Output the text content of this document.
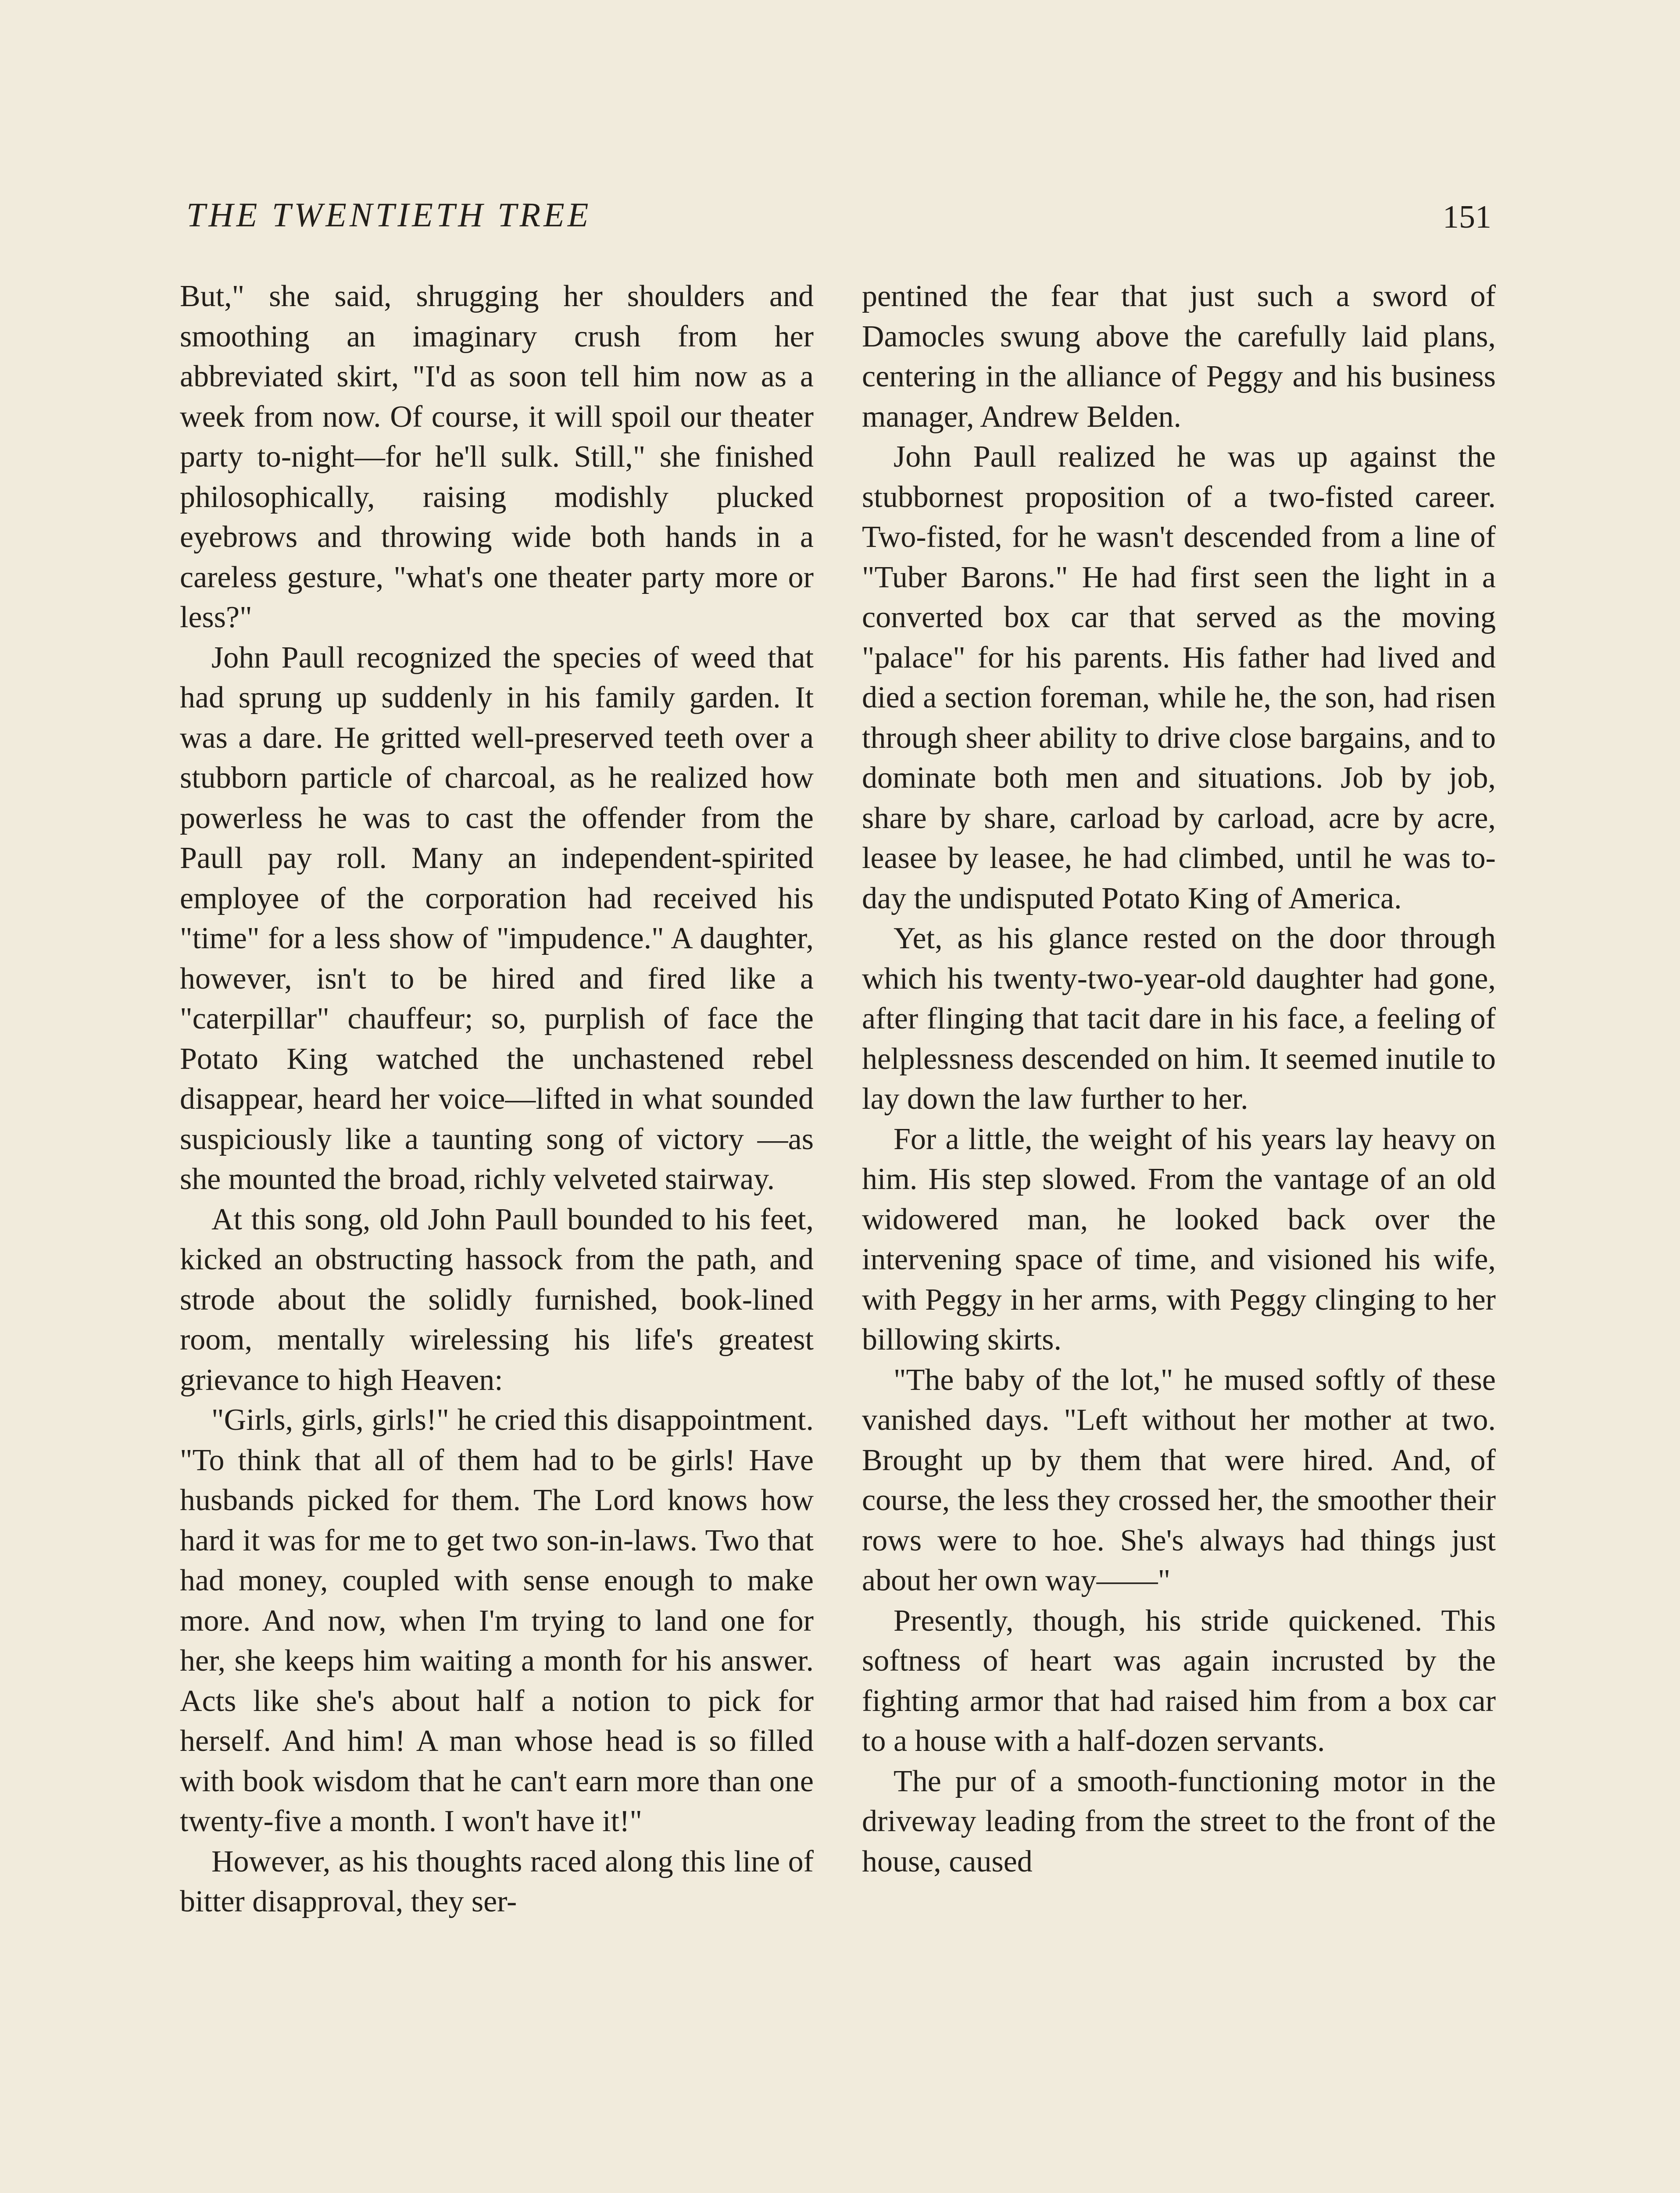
THE TWENTIETH TREE	151

But," she said, shrugging her shoulders and smoothing an imaginary crush from her abbreviated skirt, "I'd as soon tell him now as a week from now. Of course, it will spoil our theater party to-night—for he'll sulk. Still," she finished philosophically, raising modishly plucked eyebrows and throwing wide both hands in a careless gesture, "what's one theater party more or less?"

John Paull recognized the species of weed that had sprung up suddenly in his family garden. It was a dare. He gritted well-preserved teeth over a stubborn particle of charcoal, as he realized how powerless he was to cast the offender from the Paull pay roll. Many an independent-spirited employee of the corporation had received his "time" for a less show of "impudence." A daughter, however, isn't to be hired and fired like a "caterpillar" chauffeur; so, purplish of face the Potato King watched the unchastened rebel disappear, heard her voice—lifted in what sounded suspiciously like a taunting song of victory —as she mounted the broad, richly velveted stairway.

At this song, old John Paull bounded to his feet, kicked an obstructing hassock from the path, and strode about the solidly furnished, book-lined room, mentally wirelessing his life's greatest grievance to high Heaven:

"Girls, girls, girls!" he cried this disappointment. "To think that all of them had to be girls! Have husbands picked for them. The Lord knows how hard it was for me to get two son-in-laws. Two that had money, coupled with sense enough to make more. And now, when I'm trying to land one for her, she keeps him waiting a month for his answer. Acts like she's about half a notion to pick for herself. And him! A man whose head is so filled with book wisdom that he can't earn more than one twenty-five a month. I won't have it!"

However, as his thoughts raced along this line of bitter disapproval, they ser-

pentined the fear that just such a sword of Damocles swung above the carefully laid plans, centering in the alliance of Peggy and his business manager, Andrew Belden.

John Paull realized he was up against the stubbornest proposition of a two-fisted career. Two-fisted, for he wasn't descended from a line of "Tuber Barons." He had first seen the light in a converted box car that served as the moving "palace" for his parents. His father had lived and died a section foreman, while he, the son, had risen through sheer ability to drive close bargains, and to dominate both men and situations. Job by job, share by share, carload by carload, acre by acre, leasee by leasee, he had climbed, until he was to-day the undisputed Potato King of America.

Yet, as his glance rested on the door through which his twenty-two-year-old daughter had gone, after flinging that tacit dare in his face, a feeling of helplessness descended on him. It seemed inutile to lay down the law further to her.

For a little, the weight of his years lay heavy on him. His step slowed. From the vantage of an old widowered man, he looked back over the intervening space of time, and visioned his wife, with Peggy in her arms, with Peggy clinging to her billowing skirts.

"The baby of the lot," he mused softly of these vanished days. "Left without her mother at two. Brought up by them that were hired. And, of course, the less they crossed her, the smoother their rows were to hoe. She's always had things just about her own way——"

Presently, though, his stride quickened. This softness of heart was again incrusted by the fighting armor that had raised him from a box car to a house with a half-dozen servants.

The pur of a smooth-functioning motor in the driveway leading from the street to the front of the house, caused
